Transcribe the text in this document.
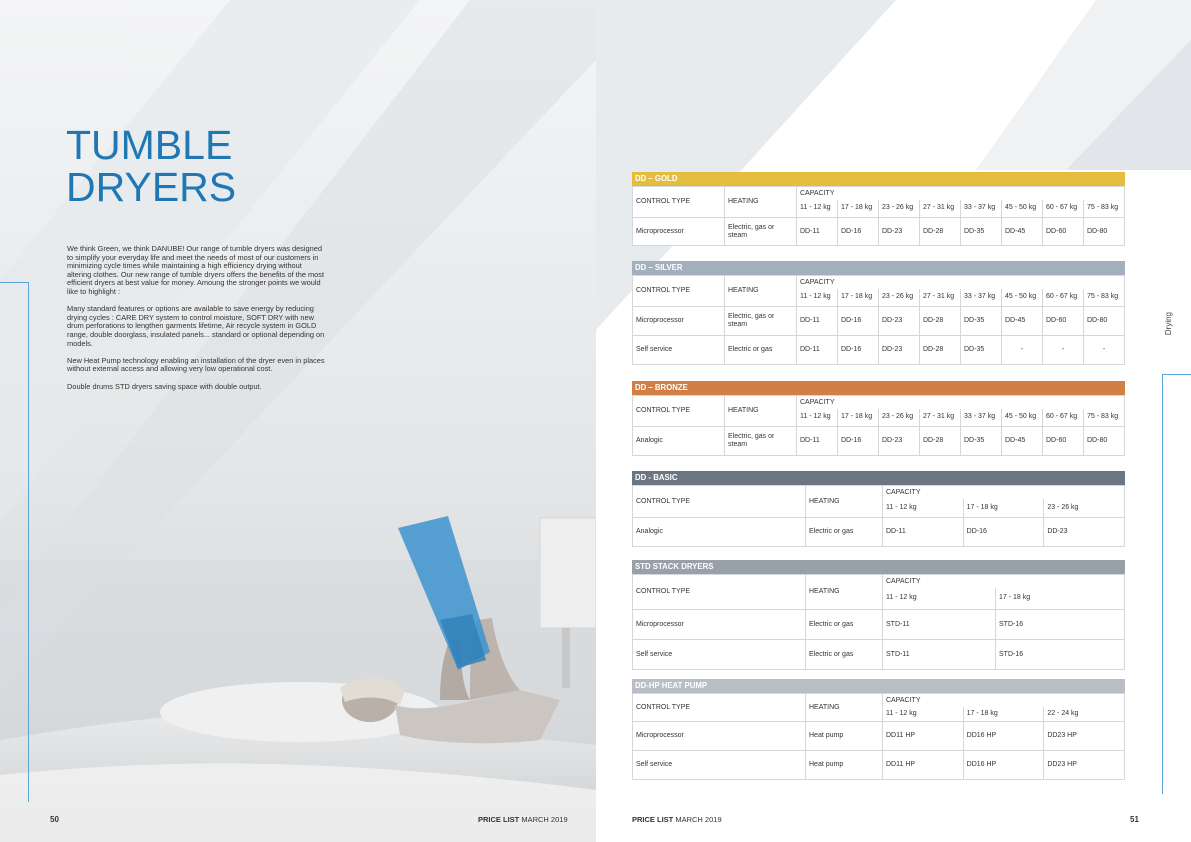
TUMBLE
DRYERS

We think Green, we think DANUBE! Our range of tumble dryers was designed to simplify your everyday life and meet the needs of most of our customers in minimizing cycle times while maintaining a high efficiency drying without altering clothes. Our new range of tumble dryers offers the benefits of the most efficient dryers at best value for money. Amoung the stronger points we would like to highlight :

Many standard features or options are available to save energy by reducing drying cycles : CARE DRY system to control moisture, SOFT DRY with new drum perforations to lengthen garments lifetime, Air recycle system in GOLD range, double doorglass, insulated panels... standard or optional depending on models.

New Heat Pump technology enabling an installation of the dryer even in places without external access and allowing very low operational cost.

Double drums STD dryers saving space with double output.

50	PRICE LIST MARCH 2019
Drying
DD – GOLD
CONTROL TYPE	HEATING	CAPACITY							
		11 - 12 kg	17 - 18 kg	23 - 26 kg	27 - 31 kg	33 - 37 kg	45 - 50 kg	60 - 67 kg	75 - 83 kg
Microprocessor	Electric, gas or steam	DD-11	DD-16	DD-23	DD-28	DD-35	DD-45	DD-60	DD-80
DD – SILVER
CONTROL TYPE	HEATING	CAPACITY							
		11 - 12 kg	17 - 18 kg	23 - 26 kg	27 - 31 kg	33 - 37 kg	45 - 50 kg	60 - 67 kg	75 - 83 kg
Microprocessor	Electric, gas or steam	DD-11	DD-16	DD-23	DD-28	DD-35	DD-45	DD-60	DD-80
Self service	Electric or gas	DD-11	DD-16	DD-23	DD-28	DD-35	-	-	-
DD – BRONZE
CONTROL TYPE	HEATING	CAPACITY							
		11 - 12 kg	17 - 18 kg	23 - 26 kg	27 - 31 kg	33 - 37 kg	45 - 50 kg	60 - 67 kg	75 - 83 kg
Analogic	Electric, gas or steam	DD-11	DD-16	DD-23	DD-28	DD-35	DD-45	DD-60	DD-80
DD - BASIC
CONTROL TYPE	HEATING	CAPACITY		
		11 - 12 kg	17 - 18 kg	23 - 26 kg
Analogic	Electric or gas	DD-11	DD-16	DD-23
STD STACK DRYERS
CONTROL TYPE	HEATING	CAPACITY	
		11 - 12 kg	17 - 18 kg
Microprocessor	Electric or gas	STD-11	STD-16
Self service	Electric or gas	STD-11	STD-16
DD-HP HEAT PUMP
CONTROL TYPE	HEATING	CAPACITY		
		11 - 12 kg	17 - 18 kg	22 - 24 kg
Microprocessor	Heat pump	DD11 HP	DD16 HP	DD23 HP
Self service	Heat pump	DD11 HP	DD16 HP	DD23 HP
PRICE LIST MARCH 2019	51
